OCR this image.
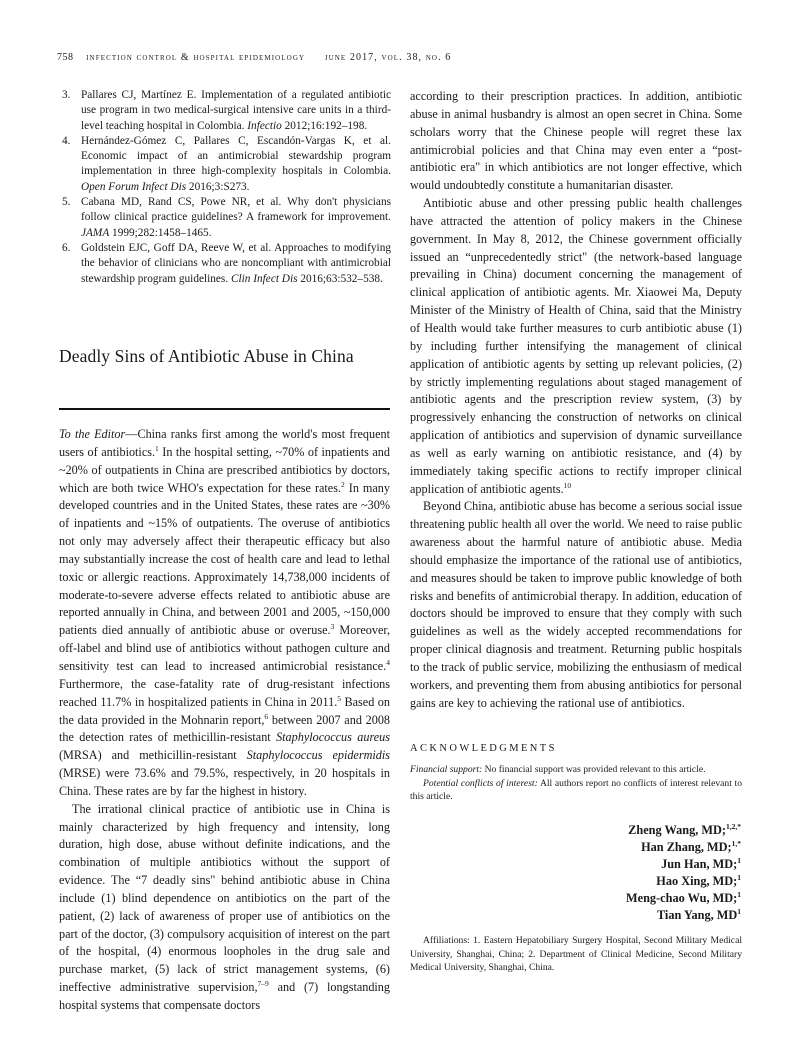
758 infection control & hospital epidemiology june 2017, vol. 38, no. 6
3. Pallares CJ, Martínez E. Implementation of a regulated antibiotic use program in two medical-surgical intensive care units in a third-level teaching hospital in Colombia. Infectio 2012;16:192–198.
4. Hernández-Gómez C, Pallares C, Escandón-Vargas K, et al. Economic impact of an antimicrobial stewardship program implementation in three high-complexity hospitals in Colombia. Open Forum Infect Dis 2016;3:S273.
5. Cabana MD, Rand CS, Powe NR, et al. Why don't physicians follow clinical practice guidelines? A framework for improvement. JAMA 1999;282:1458–1465.
6. Goldstein EJC, Goff DA, Reeve W, et al. Approaches to modifying the behavior of clinicians who are noncompliant with antimicrobial stewardship program guidelines. Clin Infect Dis 2016;63:532–538.
Deadly Sins of Antibiotic Abuse in China

To the Editor—China ranks first among the world's most frequent users of antibiotics.$^1$ In the hospital setting, ~70% of inpatients and ~20% of outpatients in China are prescribed antibiotics by doctors, which are both twice WHO's expectation for these rates.$^2$ In many developed countries and in the United States, these rates are ~30% of inpatients and ~15% of outpatients. The overuse of antibiotics not only may adversely affect their therapeutic efficacy but also may substantially increase the cost of health care and lead to lethal toxic or allergic reactions. Approximately 14,738,000 incidents of moderate-to-severe adverse effects related to antibiotic abuse are reported annually in China, and between 2001 and 2005, ~150,000 patients died annually of antibiotic abuse or overuse.$^3$ Moreover, off-label and blind use of antibiotics without pathogen culture and sensitivity test can lead to increased antimicrobial resistance.$^4$ Furthermore, the case-fatality rate of drug-resistant infections reached 11.7% in hospitalized patients in China in 2011.$^5$ Based on the data provided in the Mohnarin report,$^6$ between 2007 and 2008 the detection rates of methicillin-resistant Staphylococcus aureus (MRSA) and methicillin-resistant Staphylococcus epidermidis (MRSE) were 73.6% and 79.5%, respectively, in 20 hospitals in China. These rates are by far the highest in history.

The irrational clinical practice of antibiotic use in China is mainly characterized by high frequency and intensity, long duration, high dose, abuse without definite indications, and the combination of multiple antibiotics without the support of evidence. The “7 deadly sins" behind antibiotic abuse in China include (1) blind dependence on antibiotics on the part of the patient, (2) lack of awareness of proper use of antibiotics on the part of the doctor, (3) compulsory acquisition of interest on the part of the hospital, (4) enormous loopholes in the drug sale and purchase market, (5) lack of strict management systems, (6) ineffective administrative supervision,$^{7-9}$ and (7) longstanding hospital systems that compensate doctors

according to their prescription practices. In addition, antibiotic abuse in animal husbandry is almost an open secret in China. Some scholars worry that the Chinese people will regret these lax antimicrobial policies and that China may even enter a “post-antibiotic era" in which antibiotics are not longer effective, which would undoubtedly constitute a humanitarian disaster.

Antibiotic abuse and other pressing public health challenges have attracted the attention of policy makers in the Chinese government. In May 8, 2012, the Chinese government officially issued an “unprecedentedly strict" (the network-based language prevailing in China) document concerning the management of clinical application of antibiotic agents. Mr. Xiaowei Ma, Deputy Minister of the Ministry of Health of China, said that the Ministry of Health would take further measures to curb antibiotic abuse (1) by including further intensifying the management of clinical application of antibiotic agents by setting up relevant policies, (2) by strictly implementing regulations about staged management of antibiotic agents and the prescription review system, (3) by progressively enhancing the construction of networks on clinical application of antibiotics and supervision of dynamic surveillance as well as early warning on antibiotic resistance, and (4) by immediately taking specific actions to rectify improper clinical application of antibiotic agents.$^{10}$

Beyond China, antibiotic abuse has become a serious social issue threatening public health all over the world. We need to raise public awareness about the harmful nature of antibiotic abuse. Media should emphasize the importance of the rational use of antibiotics, and measures should be taken to improve public knowledge of both risks and benefits of antimicrobial therapy. In addition, education of doctors should be improved to ensure that they comply with such guidelines as well as the widely accepted recommendations for proper clinical diagnosis and treatment. Returning public hospitals to the track of public service, mobilizing the enthusiasm of medical workers, and preventing them from abusing antibiotics for personal gains are key to achieving the rational use of antibiotics.

ACKNOWLEDGMENTS

Financial support: No financial support was provided relevant to this article.

Potential conflicts of interest: All authors report no conflicts of interest relevant to this article.

Zheng Wang, MD;$^{1,2,*}$
Han Zhang, MD;$^{1,*}$
Jun Han, MD;$^1$
Hao Xing, MD;$^1$
Meng-chao Wu, MD;$^1$
Tian Yang, $MD^1$

Affiliations: 1. Eastern Hepatobiliary Surgery Hospital, Second Military Medical University, Shanghai, China; 2. Department of Clinical Medicine, Second Military Medical University, Shanghai, China.
